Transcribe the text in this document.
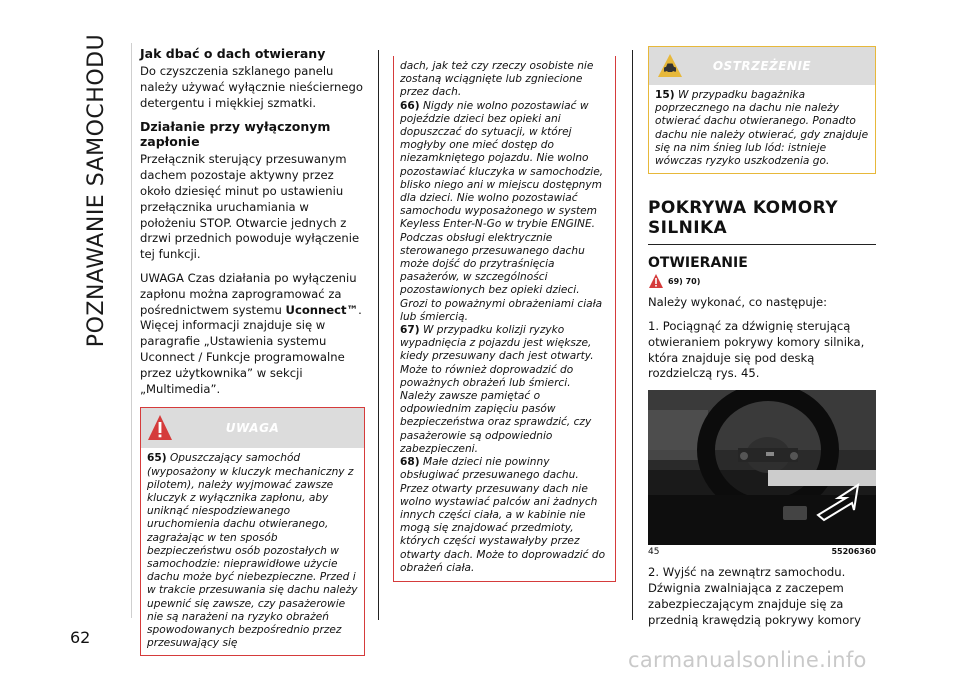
POZNAWANIE SAMOCHODU
62
Jak dbać o dach otwierany

Do czyszczenia szklanego panelu należy używać wyłącznie nieściernego detergentu i miękkiej szmatki.

Działanie przy wyłączonym zapłonie

Przełącznik sterujący przesuwanym dachem pozostaje aktywny przez około dziesięć minut po ustawieniu przełącznika uruchamiania w położeniu STOP. Otwarcie jednych z drzwi przednich powoduje wyłączenie tej funkcji.

UWAGA Czas działania po wyłączeniu zapłonu można zaprogramować za pośrednictwem systemu Uconnect™. Więcej informacji znajduje się w paragrafie „Ustawienia systemu Uconnect / Funkcje programowalne przez użytkownika” w sekcji „Multimedia”.

UWAGA
65) Opuszczający samochód (wyposażony w kluczyk mechaniczny z pilotem), należy wyjmować zawsze kluczyk z wyłącznika zapłonu, aby uniknąć niespodziewanego uruchomienia dachu otwieranego, zagrażając w ten sposób bezpieczeństwu osób pozostałych w samochodzie: nieprawidłowe użycie dachu może być niebezpieczne. Przed i w trakcie przesuwania się dachu należy upewnić się zawsze, czy pasażerowie nie są narażeni na ryzyko obrażeń spowodowanych bezpośrednio przez przesuwający się
dach, jak też czy rzeczy osobiste nie zostaną wciągnięte lub zgniecione przez dach.
66) Nigdy nie wolno pozostawiać w pojeździe dzieci bez opieki ani dopuszczać do sytuacji, w której mogłyby one mieć dostęp do niezamkniętego pojazdu. Nie wolno pozostawiać kluczyka w samochodzie, blisko niego ani w miejscu dostępnym dla dzieci. Nie wolno pozostawiać samochodu wyposażonego w system Keyless Enter-N-Go w trybie ENGINE. Podczas obsługi elektrycznie sterowanego przesuwanego dachu może dojść do przytraśnięcia pasażerów, w szczególności pozostawionych bez opieki dzieci. Grozi to poważnymi obrażeniami ciała lub śmiercią.
67) W przypadku kolizji ryzyko wypadnięcia z pojazdu jest większe, kiedy przesuwany dach jest otwarty. Może to również doprowadzić do poważnych obrażeń lub śmierci. Należy zawsze pamiętać o odpowiednim zapięciu pasów bezpieczeństwa oraz sprawdzić, czy pasażerowie są odpowiednio zabezpieczeni.
68) Małe dzieci nie powinny obsługiwać przesuwanego dachu. Przez otwarty przesuwany dach nie wolno wystawiać palców ani żadnych innych części ciała, a w kabinie nie mogą się znajdować przedmioty, których części wystawałyby przez otwarty dach. Może to doprowadzić do obrażeń ciała.
OSTRZEŻENIE
15) W przypadku bagażnika poprzecznego na dachu nie należy otwierać dachu otwieranego. Ponadto dachu nie należy otwierać, gdy znajduje się na nim śnieg lub lód: istnieje wówczas ryzyko uszkodzenia go.
POKRYWA KOMORY SILNIKA
OTWIERANIE
69) 70)

Należy wykonać, co następuje:

1. Pociągnąć za dźwignię sterującą otwieraniem pokrywy komory silnika, która znajduje się pod deską rozdzielczą rys. 45.

45	55206360

2. Wyjść na zewnątrz samochodu. Dźwignia zwalniająca z zaczepem zabezpieczającym znajduje się za przednią krawędzią pokrywy komory

carmanualsonline.info
